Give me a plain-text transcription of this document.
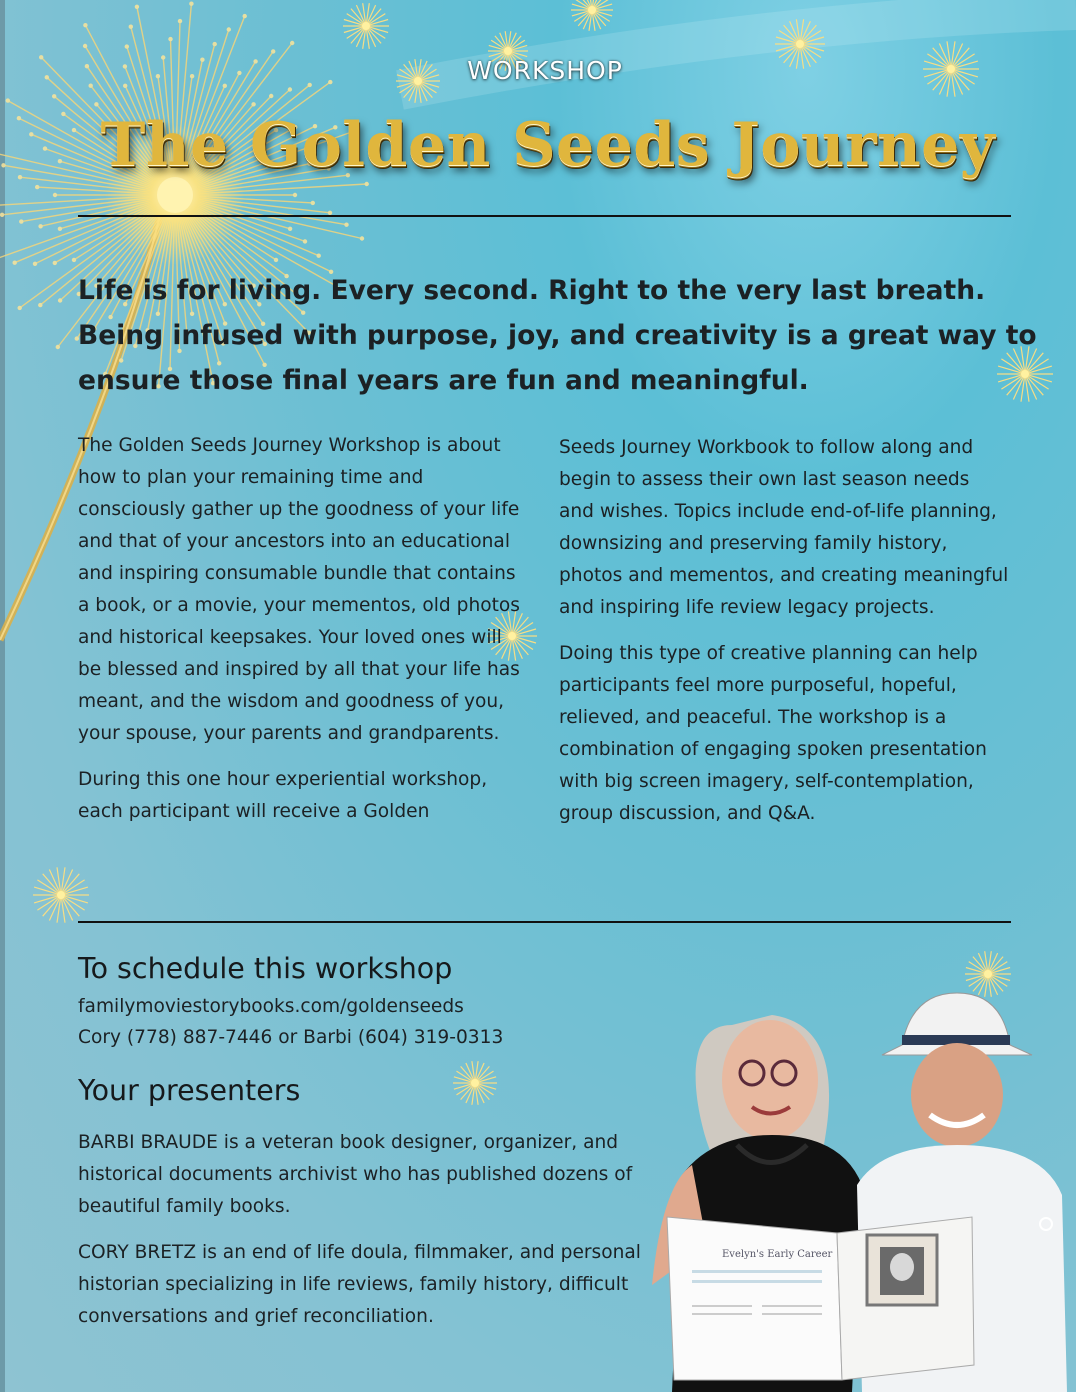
WORKSHOP
The Golden Seeds Journey

Life is for living. Every second. Right to the very last breath.
Being infused with purpose, joy, and creativity is a great way to
ensure those final years are fun and meaningful.

The Golden Seeds Journey Workshop is about how to plan your remaining time and consciously gather up the goodness of your life and that of your ancestors into an educational and inspiring consumable bundle that contains a book, or a movie, your mementos, old photos and historical keepsakes. Your loved ones will be blessed and inspired by all that your life has meant, and the wisdom and goodness of you, your spouse, your parents and grandparents.

During this one hour experiential workshop, each participant will receive a Golden

Seeds Journey Workbook to follow along and begin to assess their own last season needs and wishes. Topics include end-of-life planning, downsizing and preserving family history, photos and mementos, and creating meaningful and inspiring life review legacy projects.

Doing this type of creative planning can help participants feel more purposeful, hopeful, relieved, and peaceful. The workshop is a combination of engaging spoken presentation with big screen imagery, self-contemplation, group discussion, and Q&A.

To schedule this workshop
familymoviestorybooks.com/goldenseeds
Cory (778) 887-7446 or Barbi (604) 319-0313
Your presenters

BARBI BRAUDE is a veteran book designer, organizer, and historical documents archivist who has published dozens of beautiful family books.

CORY BRETZ is an end of life doula, filmmaker, and personal historian specializing in life reviews, family history, difficult conversations and grief reconciliation.

Evelyn's Early Career
